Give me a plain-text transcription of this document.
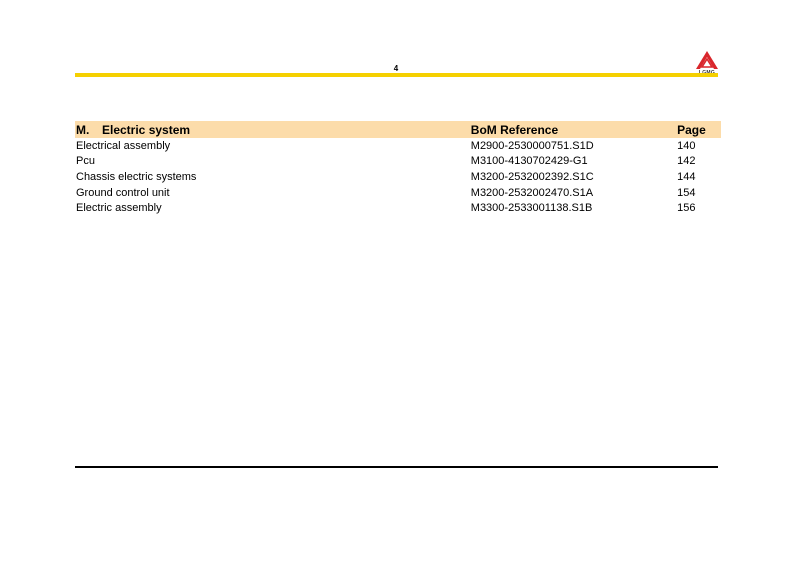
4
M. Electric system	BoM Reference	Page
Electrical assembly	M2900-2530000751.S1D	140
Pcu	M3100-4130702429-G1	142
Chassis electric systems	M3200-2532002392.S1C	144
Ground control unit	M3200-2532002470.S1A	154
Electric assembly	M3300-2533001138.S1B	156
